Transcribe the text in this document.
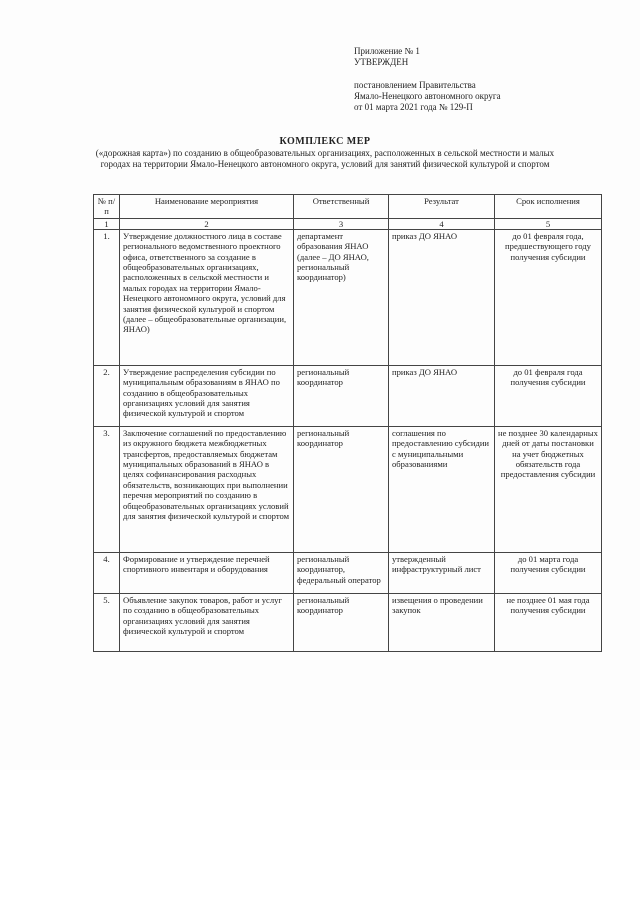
Приложение № 1
УТВЕРЖДЕН
постановлением Правительства
Ямало-Ненецкого автономного округа
от 01 марта 2021 года № 129-П
КОМПЛЕКС МЕР
(«дорожная карта») по созданию в общеобразовательных организациях, расположенных в сельской местности и малых городах на территории Ямало-Ненецкого автономного округа, условий для занятий физической культурой и спортом
№ п/п	Наименование мероприятия	Ответственный	Результат	Срок исполнения
1	2	3	4	5
1.	Утверждение должностного лица в составе регионального ведомственного проектного офиса, ответственного за создание в общеобразовательных организациях, расположенных в сельской местности и малых городах на территории Ямало-Ненецкого автономного округа, условий для занятия физической культурой и спортом (далее – общеобразовательные организации, ЯНАО)	департамент образования ЯНАО (далее – ДО ЯНАО, региональный координатор)	приказ ДО ЯНАО	до 01 февраля года, предшествующего году получения субсидии
2.	Утверждение распределения субсидии по муниципальным образованиям в ЯНАО по созданию в общеобразовательных организациях условий для занятия физической культурой и спортом	региональный координатор	приказ ДО ЯНАО	до 01 февраля года получения субсидии
3.	Заключение соглашений по предоставлению из окружного бюджета межбюджетных трансфертов, предоставляемых бюджетам муниципальных образований в ЯНАО в целях софинансирования расходных обязательств, возникающих при выполнении перечня мероприятий по созданию в общеобразовательных организациях условий для занятия физической культурой и спортом	региональный координатор	соглашения по предоставлению субсидии с муниципальными образованиями	не позднее 30 календарных дней от даты постановки на учет бюджетных обязательств года предоставления субсидии
4.	Формирование и утверждение перечней спортивного инвентаря и оборудования	региональный координатор, федеральный оператор	утвержденный инфраструктурный лист	до 01 марта года получения субсидии
5.	Объявление закупок товаров, работ и услуг по созданию в общеобразовательных организациях условий для занятия физической культурой и спортом	региональный координатор	извещения о проведении закупок	не позднее 01 мая года получения субсидии
